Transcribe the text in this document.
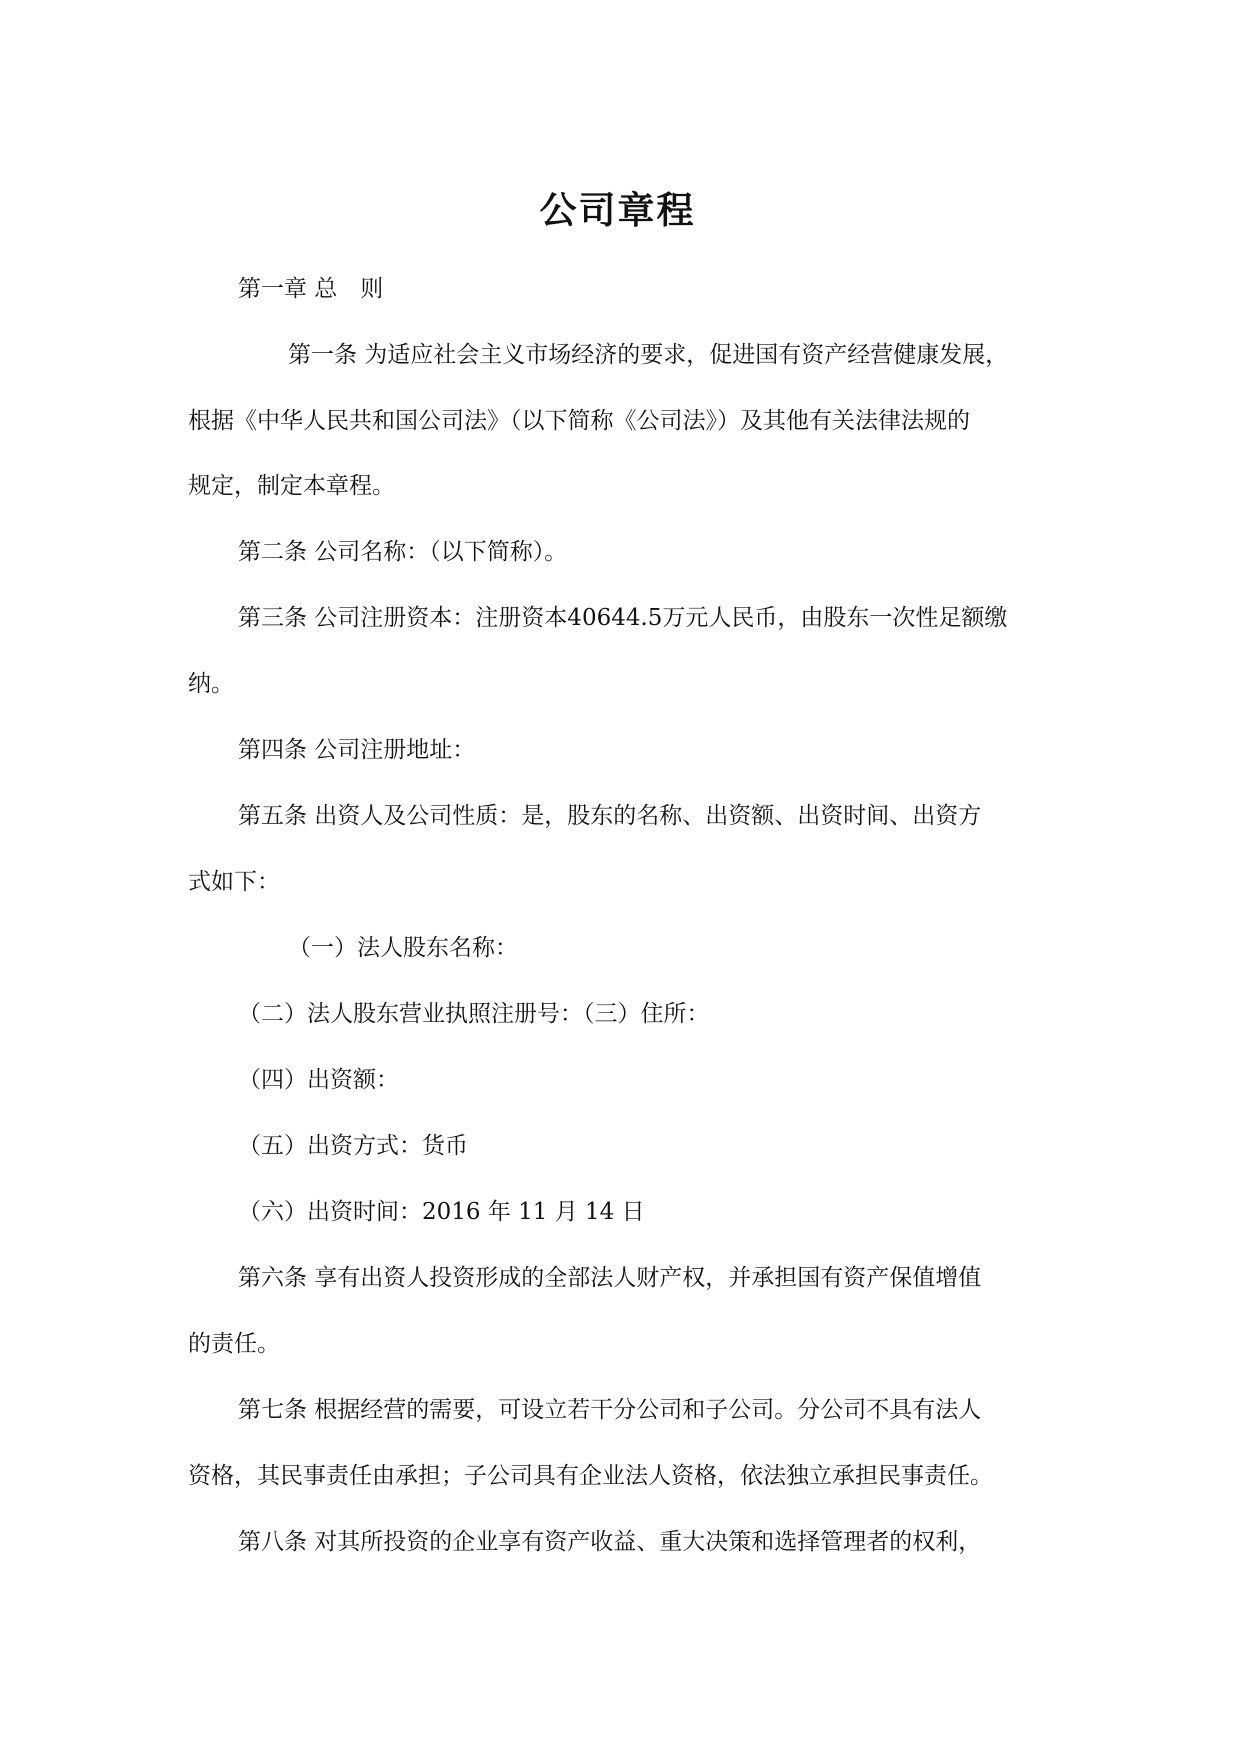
公司章程
第一章 总　则
第一条 为适应社会主义市场经济的要求，促进国有资产经营健康发展，
根据《中华人民共和国公司法》（以下简称《公司法》）及其他有关法律法规的
规定，制定本章程。
第二条 公司名称：（以下简称）。
第三条 公司注册资本：注册资本40644.5万元人民币，由股东一次性足额缴
纳。
第四条 公司注册地址：
第五条 出资人及公司性质：是，股东的名称、出资额、出资时间、出资方
式如下：
（一）法人股东名称：
（二）法人股东营业执照注册号：（三）住所：
（四）出资额：
（五）出资方式：货币
（六）出资时间：2016 年 11 月 14 日
第六条 享有出资人投资形成的全部法人财产权，并承担国有资产保值增值
的责任。
第七条 根据经营的需要，可设立若干分公司和子公司。分公司不具有法人
资格，其民事责任由承担；子公司具有企业法人资格，依法独立承担民事责任。
第八条 对其所投资的企业享有资产收益、重大决策和选择管理者的权利，
